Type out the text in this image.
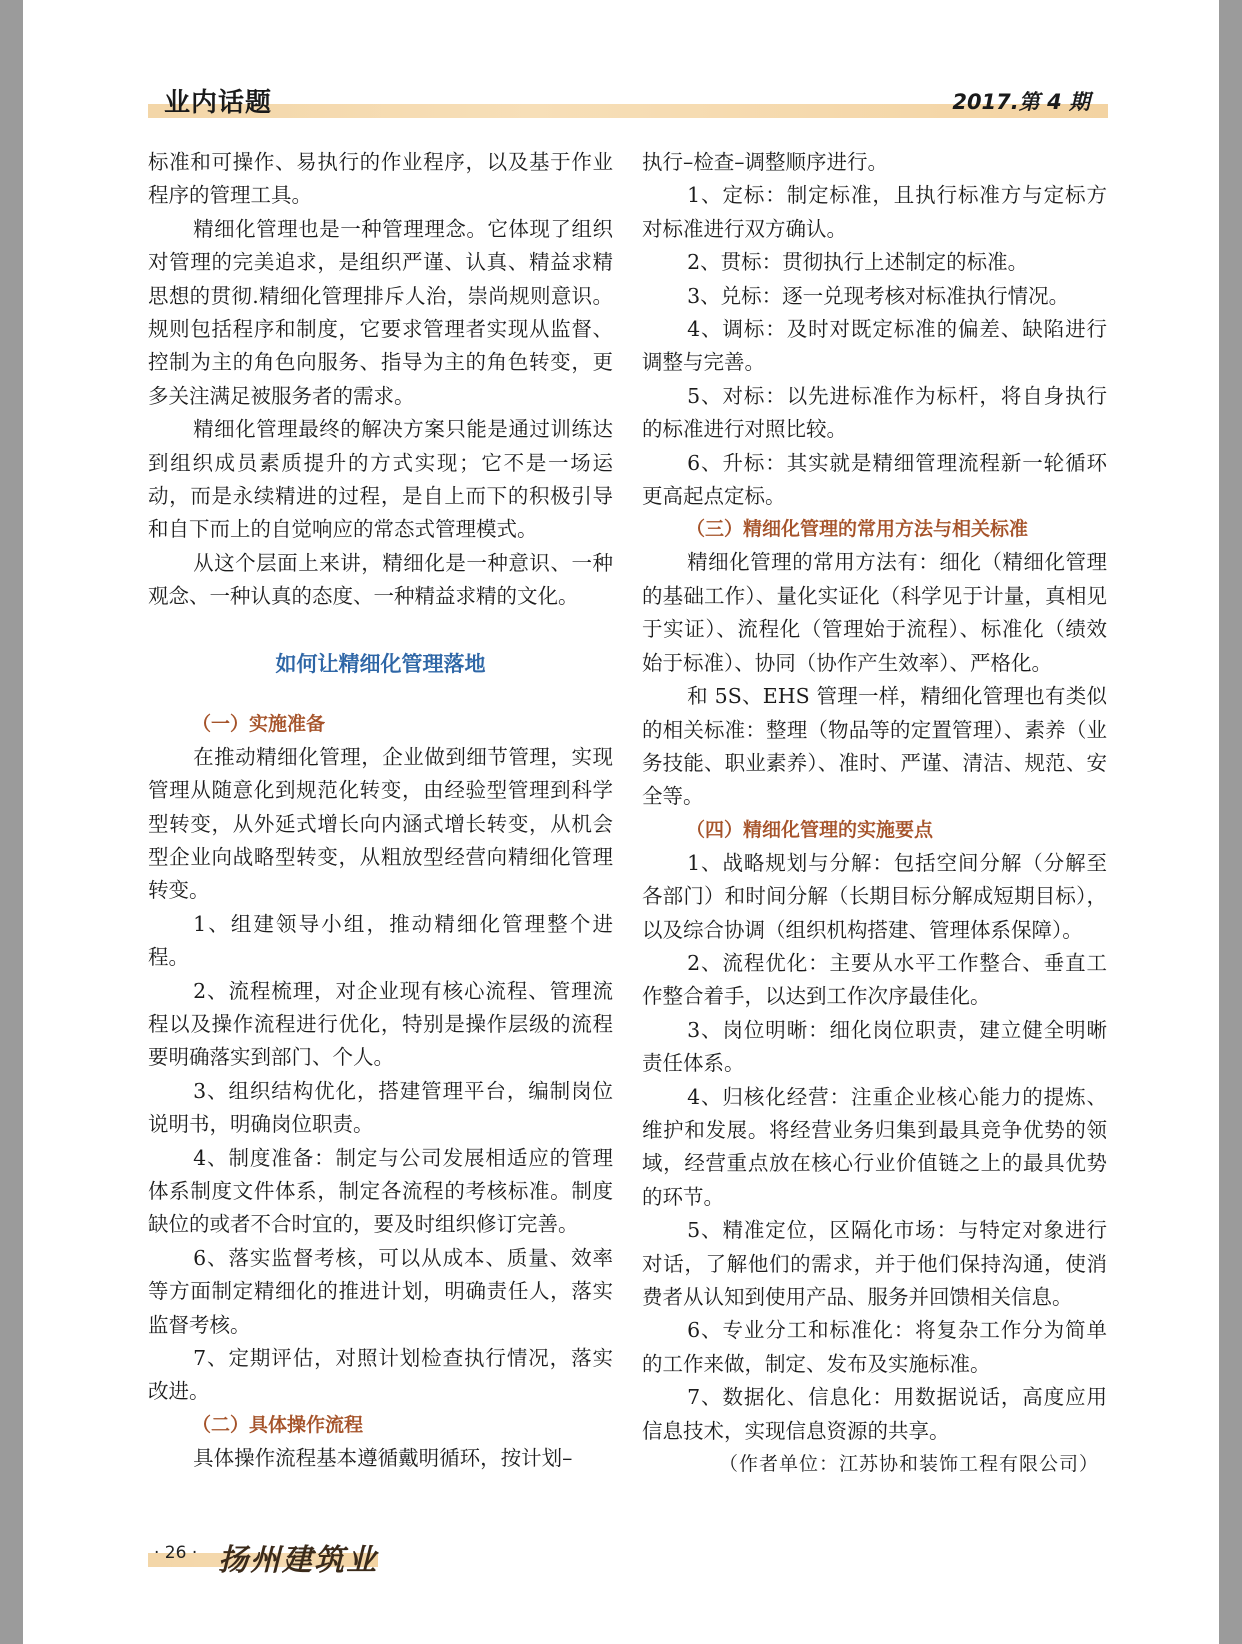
业内话题	2017.第 4 期

标准和可操作、易执行的作业程序，以及基于作业程序的管理工具。

精细化管理也是一种管理理念。它体现了组织对管理的完美追求，是组织严谨、认真、精益求精思想的贯彻.精细化管理排斥人治，崇尚规则意识。规则包括程序和制度，它要求管理者实现从监督、控制为主的角色向服务、指导为主的角色转变，更多关注满足被服务者的需求。

精细化管理最终的解决方案只能是通过训练达到组织成员素质提升的方式实现；它不是一场运动，而是永续精进的过程，是自上而下的积极引导和自下而上的自觉响应的常态式管理模式。

从这个层面上来讲，精细化是一种意识、一种观念、一种认真的态度、一种精益求精的文化。

如何让精细化管理落地
（一）实施准备

在推动精细化管理，企业做到细节管理，实现管理从随意化到规范化转变，由经验型管理到科学型转变，从外延式增长向内涵式增长转变，从机会型企业向战略型转变，从粗放型经营向精细化管理转变。

1、组建领导小组，推动精细化管理整个进程。

2、流程梳理，对企业现有核心流程、管理流程以及操作流程进行优化，特别是操作层级的流程要明确落实到部门、个人。

3、组织结构优化，搭建管理平台，编制岗位说明书，明确岗位职责。

4、制度准备：制定与公司发展相适应的管理体系制度文件体系，制定各流程的考核标准。制度缺位的或者不合时宜的，要及时组织修订完善。

6、落实监督考核，可以从成本、质量、效率等方面制定精细化的推进计划，明确责任人，落实监督考核。

7、定期评估，对照计划检查执行情况，落实改进。

（二）具体操作流程

具体操作流程基本遵循戴明循环，按计划–

执行–检查–调整顺序进行。

1、定标：制定标准，且执行标准方与定标方对标准进行双方确认。

2、贯标：贯彻执行上述制定的标准。

3、兑标：逐一兑现考核对标准执行情况。

4、调标：及时对既定标准的偏差、缺陷进行调整与完善。

5、对标：以先进标准作为标杆，将自身执行的标准进行对照比较。

6、升标：其实就是精细管理流程新一轮循环更高起点定标。

（三）精细化管理的常用方法与相关标准

精细化管理的常用方法有：细化（精细化管理的基础工作）、量化实证化（科学见于计量，真相见于实证）、流程化（管理始于流程）、标准化（绩效始于标准）、协同（协作产生效率）、严格化。

和 5S、EHS 管理一样，精细化管理也有类似的相关标准：整理（物品等的定置管理）、素养（业务技能、职业素养）、准时、严谨、清洁、规范、安全等。

（四）精细化管理的实施要点

1、战略规划与分解：包括空间分解（分解至各部门）和时间分解（长期目标分解成短期目标），以及综合协调（组织机构搭建、管理体系保障）。

2、流程优化：主要从水平工作整合、垂直工作整合着手，以达到工作次序最佳化。

3、岗位明晰：细化岗位职责，建立健全明晰责任体系。

4、归核化经营：注重企业核心能力的提炼、维护和发展。将经营业务归集到最具竞争优势的领域，经营重点放在核心行业价值链之上的最具优势的环节。

5、精准定位，区隔化市场：与特定对象进行对话，了解他们的需求，并于他们保持沟通，使消费者从认知到使用产品、服务并回馈相关信息。

6、专业分工和标准化：将复杂工作分为简单的工作来做，制定、发布及实施标准。

7、数据化、信息化：用数据说话，高度应用信息技术，实现信息资源的共享。

（作者单位：江苏协和装饰工程有限公司）

· 26 · 扬州建筑业
